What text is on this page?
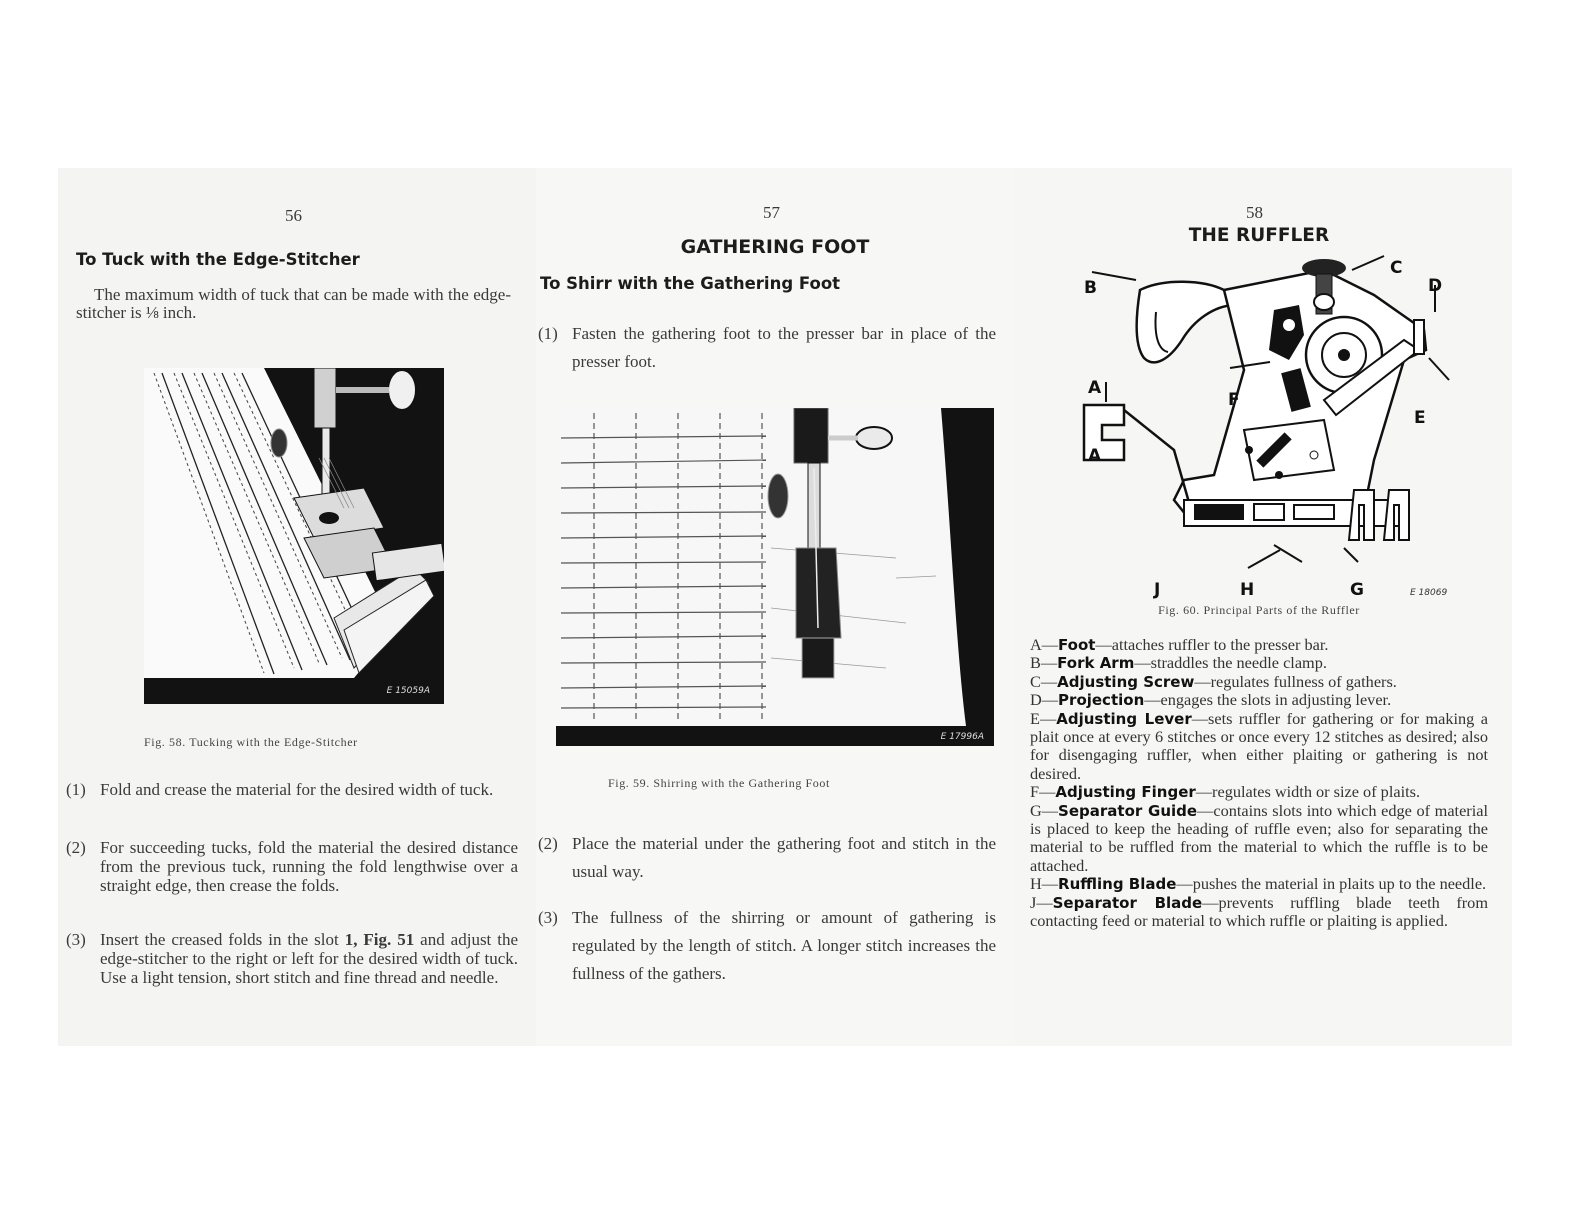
56
To Tuck with the Edge-Stitcher
The maximum width of tuck that can be made with the edge-stitcher is ⅛ inch.
E 15059A
Fig. 58. Tucking with the Edge-Stitcher
(1) Fold and crease the material for the desired width of tuck.
(2) For succeeding tucks, fold the material the desired distance from the previous tuck, running the fold lengthwise over a straight edge, then crease the folds.
(3) Insert the creased folds in the slot 1, Fig. 51 and adjust the edge-stitcher to the right or left for the desired width of tuck. Use a light tension, short stitch and fine thread and needle.
57
GATHERING FOOT
To Shirr with the Gathering Foot
(1) Fasten the gathering foot to the presser bar in place of the presser foot.
E 17996A
Fig. 59. Shirring with the Gathering Foot
(2) Place the material under the gathering foot and stitch in the usual way.
(3) The fullness of the shirring or amount of gathering is regulated by the length of stitch. A longer stitch increases the fullness of the gathers.
58
THE RUFFLER
A
B
C
D
E
F
G
H
J
A
E 18069
Fig. 60. Principal Parts of the Ruffler
A—Foot—attaches ruffler to the presser bar.
B—Fork Arm—straddles the needle clamp.
C—Adjusting Screw—regulates fullness of gathers.
D—Projection—engages the slots in adjusting lever.
E—Adjusting Lever—sets ruffler for gathering or for making a plait once at every 6 stitches or once every 12 stitches as desired; also for disengaging ruffler, when either plaiting or gathering is not desired.
F—Adjusting Finger—regulates width or size of plaits.
G—Separator Guide—contains slots into which edge of material is placed to keep the heading of ruffle even; also for separating the material to be ruffled from the material to which the ruffle is to be attached.
H—Ruffling Blade—pushes the material in plaits up to the needle.
J—Separator Blade—prevents ruffling blade teeth from contacting feed or material to which ruffle or plaiting is applied.
